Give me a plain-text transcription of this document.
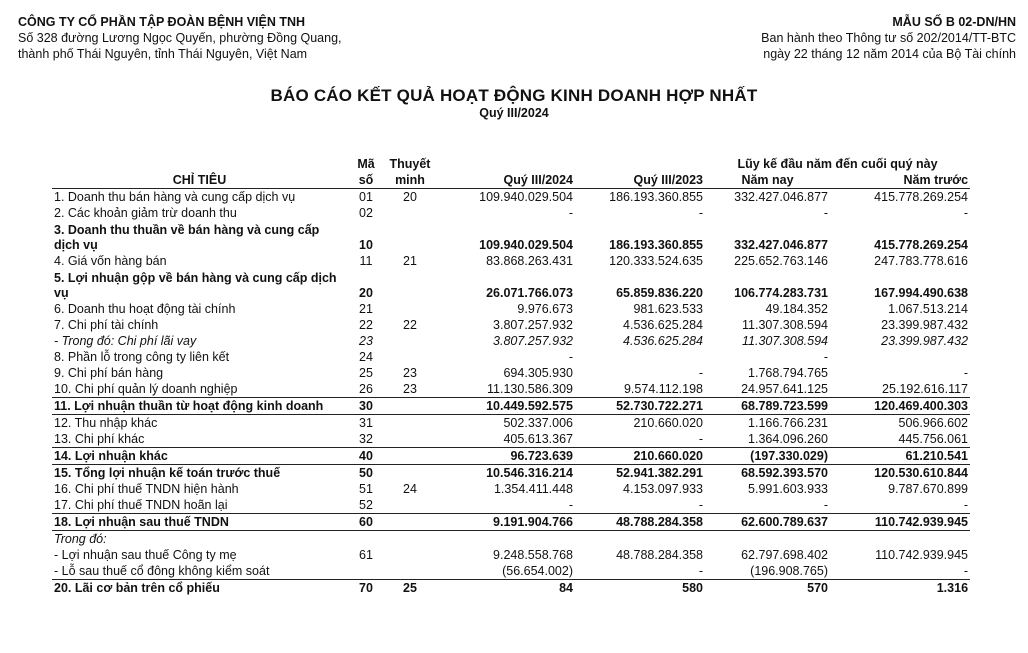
CÔNG TY CỔ PHẦN TẬP ĐOÀN BỆNH VIỆN TNH
Số 328 đường Lương Ngọc Quyến, phường Đồng Quang,
thành phố Thái Nguyên, tỉnh Thái Nguyên, Việt Nam
MẪU SỐ B 02-DN/HN
Ban hành theo Thông tư số 202/2014/TT-BTC
ngày 22 tháng 12 năm 2014 của Bộ Tài chính
BÁO CÁO KẾT QUẢ HOẠT ĐỘNG KINH DOANH HỢP NHẤT
Quý III/2024
	Mã	Thuyết			Lũy kế đầu năm đến cuối quý này	
CHỈ TIÊU	số	minh	Quý III/2024	Quý III/2023	Năm nay	Năm trước
1. Doanh thu bán hàng và cung cấp dịch vụ	01	20	109.940.029.504	186.193.360.855	332.427.046.877	415.778.269.254
2. Các khoản giảm trừ doanh thu	02		-	-	-	-
3. Doanh thu thuần về bán hàng và cung cấp dịch vụ	10		109.940.029.504	186.193.360.855	332.427.046.877	415.778.269.254
4. Giá vốn hàng bán	11	21	83.868.263.431	120.333.524.635	225.652.763.146	247.783.778.616
5. Lợi nhuận gộp về bán hàng và cung cấp dịch vụ	20		26.071.766.073	65.859.836.220	106.774.283.731	167.994.490.638
6. Doanh thu hoạt động tài chính	21		9.976.673	981.623.533	49.184.352	1.067.513.214
7. Chi phí tài chính	22	22	3.807.257.932	4.536.625.284	11.307.308.594	23.399.987.432
- Trong đó: Chi phí lãi vay	23		3.807.257.932	4.536.625.284	11.307.308.594	23.399.987.432
8. Phần lỗ trong công ty liên kết	24		-		-	
9. Chi phí bán hàng	25	23	694.305.930	-	1.768.794.765	-
10. Chi phí quản lý doanh nghiệp	26	23	11.130.586.309	9.574.112.198	24.957.641.125	25.192.616.117
11. Lợi nhuận thuần từ hoạt động kinh doanh	30		10.449.592.575	52.730.722.271	68.789.723.599	120.469.400.303
12. Thu nhập khác	31		502.337.006	210.660.020	1.166.766.231	506.966.602
13. Chi phí khác	32		405.613.367	-	1.364.096.260	445.756.061
14. Lợi nhuận khác	40		96.723.639	210.660.020	(197.330.029)	61.210.541
15. Tổng lợi nhuận kế toán trước thuế	50		10.546.316.214	52.941.382.291	68.592.393.570	120.530.610.844
16. Chi phí thuế TNDN hiện hành	51	24	1.354.411.448	4.153.097.933	5.991.603.933	9.787.670.899
17. Chi phí thuế TNDN hoãn lại	52		-	-	-	-
18. Lợi nhuận sau thuế TNDN	60		9.191.904.766	48.788.284.358	62.600.789.637	110.742.939.945
Trong đó:						
- Lợi nhuận sau thuế Công ty mẹ	61		9.248.558.768	48.788.284.358	62.797.698.402	110.742.939.945
- Lỗ sau thuế cổ đông không kiểm soát			(56.654.002)	-	(196.908.765)	-
20. Lãi cơ bản trên cổ phiếu	70	25	84	580	570	1.316
